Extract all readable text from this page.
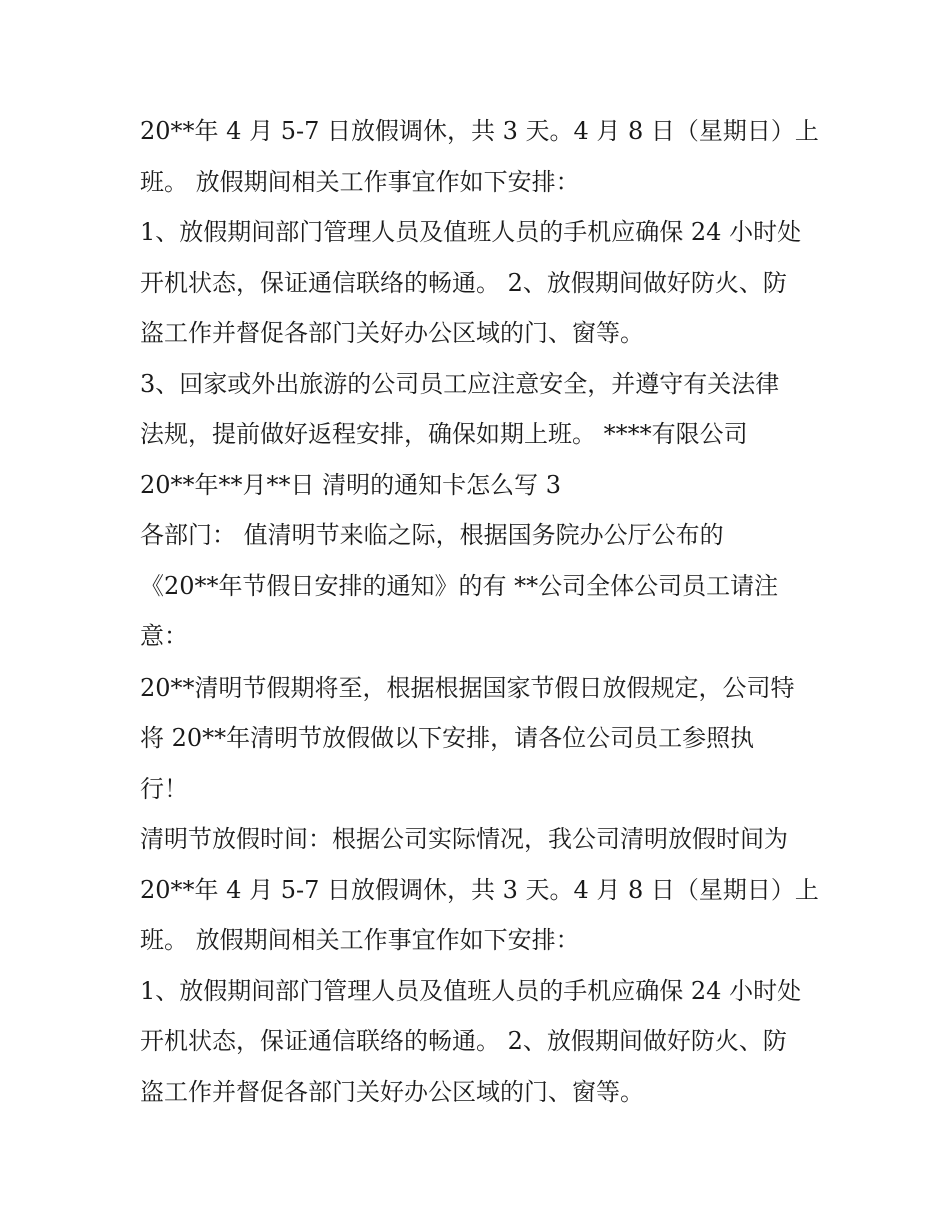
20**年 4 月 5-7 日放假调休，共 3 天。4 月 8 日（星期日）上

班。 放假期间相关工作事宜作如下安排：

1、放假期间部门管理人员及值班人员的手机应确保 24 小时处

开机状态，保证通信联络的畅通。 2、放假期间做好防火、防

盗工作并督促各部门关好办公区域的门、窗等。

3、回家或外出旅游的公司员工应注意安全，并遵守有关法律

法规，提前做好返程安排，确保如期上班。 ****有限公司

20**年**月**日 清明的通知卡怎么写 3

各部门： 值清明节来临之际，根据国务院办公厅公布的

《20**年节假日安排的通知》的有 **公司全体公司员工请注

意：

20**清明节假期将至，根据根据国家节假日放假规定，公司特

将 20**年清明节放假做以下安排，请各位公司员工参照执

行！

清明节放假时间：根据公司实际情况，我公司清明放假时间为

20**年 4 月 5-7 日放假调休，共 3 天。4 月 8 日（星期日）上

班。 放假期间相关工作事宜作如下安排：

1、放假期间部门管理人员及值班人员的手机应确保 24 小时处

开机状态，保证通信联络的畅通。 2、放假期间做好防火、防

盗工作并督促各部门关好办公区域的门、窗等。
